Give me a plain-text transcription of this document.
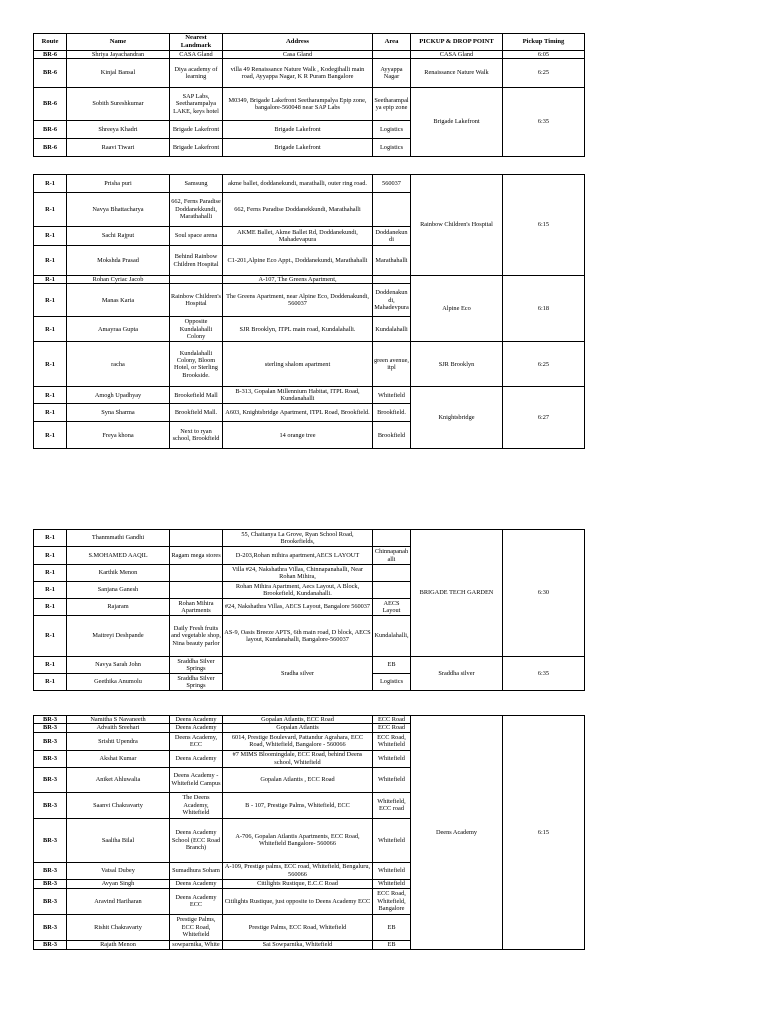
Route	Name	Nearest Landmark	Address	Area	PICKUP & DROP POINT	Pickup Timing
BR-6	Shriya Jayachandran	CASA Gland	Casa Gland		CASA Gland	6:05
BR-6	Kinjal Bansal	Diya academy of learning	villa 49 Renaissance Nature Walk , Kodegihalli main road, Ayyappa Nagar, K R Puram Bangalore	Ayyappa Nagar	Renaissance Nature Walk	6:25
BR-6	Sobith Sureshkumar	SAP Labs, Seetharampalya LAKE, keys hotel	M0349, Brigade Lakefront Seetharampalya Epip zone, bangalore-560048 near SAP Labs	Seetharampalya epip zone	Brigade Lakefront	6:35
BR-6	Shreeya Khadri	Brigade Lakefront	Brigade Lakefront	Logistics		
BR-6	Raavi Tiwari	Brigade Lakefront	Brigade Lakefront	Logistics		
R-1	Prisha puri	Samsung	akme ballet, doddanekundi, marathalli, outer ring road.	560037	Rainbow Children's Hospital	6:15
R-1	Navya Bhattacharya	662, Ferns Paradise Doddanekkundi, Marathahalli	662, Ferns Paradise Doddanekkundi, Marathahalli			
R-1	Sachi Rajput	Soul space arena	AKME Ballet, Akme Ballet Rd, Doddanekundi, Mahadevapura	Doddanekundi		
R-1	Mokshda Prasad	Behind Rainbow Children Hospital	C1-201,Alpine Eco Appt., Doddanekundi, Marathahalli	Marathahalli		
R-1	Rohan Cyriac Jacob		A-107, The Greens Apartment,		Alpine Eco	6:18
R-1	Manas Karia	Rainbow Children's Hospital	The Greens Apartment, near Alpine Eco, Doddenakundi, 560037	Doddenakundi, Mahadevpura		
R-1	Amayraa Gupta	Opposite Kundalahalli Colony	SJR Brooklyn, ITPL main road, Kundalahalli.	Kundalahalli		
R-1	racha	Kundalahalli Colony, Bloom Hotel, or Sterling Brookside.	sterling shalom apartment	green avenue, itpl	SJR Brooklyn	6:25
R-1	Amogh Upadhyay	Brookefield Mall	B-313, Gopalan Millennium Habitat, ITPL Road, Kundanahalli	Whitefield	Knightsbridge	6:27
R-1	Syna Sharma	Brookfield Mall.	A603, Knightsbridge Apartment, ITPL Road, Brookfield.	Brookfield.		
R-1	Freya khona	Next to ryan school, Brookfield	14 orange tree	Brookfield		
R-1	Thanmmathi Gandhi		55, Chaitanya La Grove, Ryan School Road, Brookefields,		BRIGADE TECH GARDEN	6:30
R-1	S.MOHAMED AAQIL	Ragam mega stores	D-203,Rohan mihira apartment,AECS LAYOUT	Chinnapanahalli		
R-1	Karthik Menon		Villa #24, Nakshathra Villas, Chinnapanahalli, Near Rohan Mihira,			
R-1	Sanjana Ganesh		Rohan Mihira Apartment, Aecs Layout, A Block, Brookefield, Kundanahalli.			
R-1	Rajaram	Rohan Mihira Apartments	#24, Nakshathra Villas, AECS Layout, Bangalore 560037	AECS Layout		
R-1	Maitreyi Deshpande	Daily Fresh fruits and vegetable shop, Nina beauty parlor	AS-9, Oasis Breeze APTS, 6th main road, D block, AECS layout, Kundanahalli, Bangalore-560037	Kundalahalli,		
R-1	Navya Sarah John	Sraddha Silver Springs	Sradha silver	EB	Sraddha silver	6:35
R-1	Geethika Anumolu	Sraddha Silver Springs		Logistics		
BR-3	Namitha S Navaneeth	Deens Academy	Gopalan Atlantis, ECC Road	ECC Road	Deens Academy	6:15
BR-3	Advaith Sreehari	Deens Academy	Gopalan Atlantis	ECC Road		
BR-3	Srishti Upendra	Deens Academy, ECC	6014, Prestige Boulevard, Pattandur Agrahara, ECC Road, Whitefield, Bangalore - 560066	ECC Road, Whitefield		
BR-3	Akshat Kumar	Deens Academy	#7 MIMS Bloomingdale, ECC Road, behind Deens school, Whitefield	Whitefield		
BR-3	Aniket Ahluwalia	Deens Academy - Whitefield Campus	Gopalan Atlantis , ECC Road	Whitefield		
BR-3	Saanvi Chakravarty	The Deens Academy, Whitefield	B - 107, Prestige Palms, Whitefield, ECC	Whitefield, ECC road		
BR-3	Saaliha Bilal	Deens Academy School (ECC Road Branch)	A-706, Gopalan Atlantis Apartments, ECC Road, Whitefield Bangalore- 560066	Whitefield		
BR-3	Vatsal Dubey	Sumadhura Soham	A-109, Prestige palms, ECC road, Whitefield, Bengaluru, 560066	Whitefield		
BR-3	Avyan Singh	Deens Academy	Citilights Rustique, E.C.C Road	Whitefield		
BR-3	Aravind Hariharan	Deens Academy ECC	Citilights Rustique, just opposite to Deens Academy ECC	ECC Road, Whitefield, Bangalore		
BR-3	Rishit Chakravarty	Prestige Palms, ECC Road, Whitefield	Prestige Palms, ECC Road, Whitefield	EB		
BR-3	Rajath Menon	sowparnika, White	Sai Sowparnika, Whitefield	EB		
